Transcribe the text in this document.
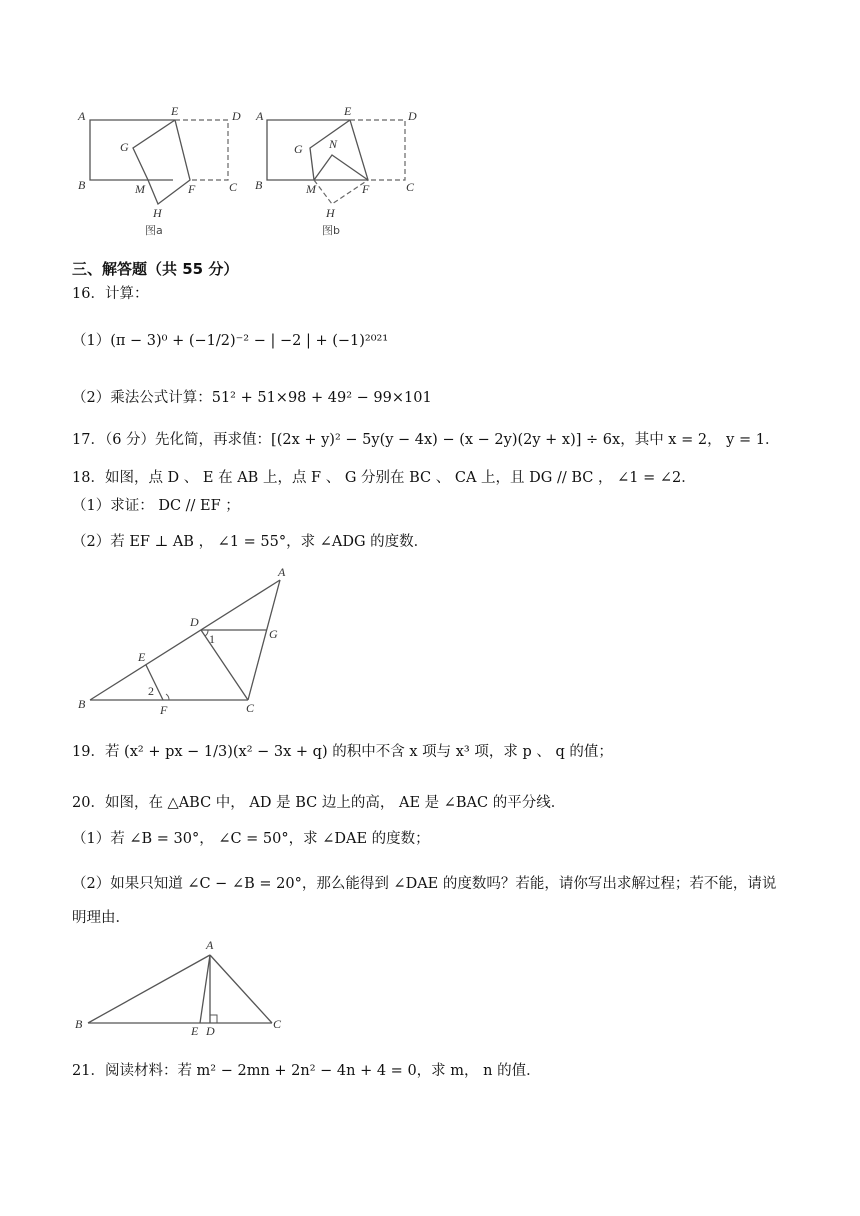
A	E	D
G
B	M	F	C
H
A	E	D
G N
B	M	F	C
H
图a	图b
三、解答题（共 55 分）
16．计算：
（1）(π − 3)⁰ + (−1/2)⁻² − | −2 | + (−1)²⁰²¹
（2）乘法公式计算：51² + 51×98 + 49² − 99×101
17．（6 分）先化简，再求值：[(2x + y)² − 5y(y − 4x) − (x − 2y)(2y + x)] ÷ 6x，其中 x = 2， y = 1．
18．如图，点 D 、 E 在 AB 上，点 F 、 G 分别在 BC 、 CA 上，且 DG // BC ， ∠1 = ∠2．
（1）求证： DC // EF ；
（2）若 EF ⊥ AB ， ∠1 = 55°，求 ∠ADG 的度数．
A
D
G
E
B	F	C
1
2
19．若 (x² + px − 1/3)(x² − 3x + q) 的积中不含 x 项与 x³ 项，求 p 、 q 的值；
20．如图，在 △ABC 中， AD 是 BC 边上的高， AE 是 ∠BAC 的平分线．
（1）若 ∠B = 30°， ∠C = 50°，求 ∠DAE 的度数；
（2）如果只知道 ∠C − ∠B = 20°，那么能得到 ∠DAE 的度数吗？若能，请你写出求解过程；若不能，请说
明理由．
A
B	E D	C
21．阅读材料：若 m² − 2mn + 2n² − 4n + 4 = 0，求 m， n 的值．
